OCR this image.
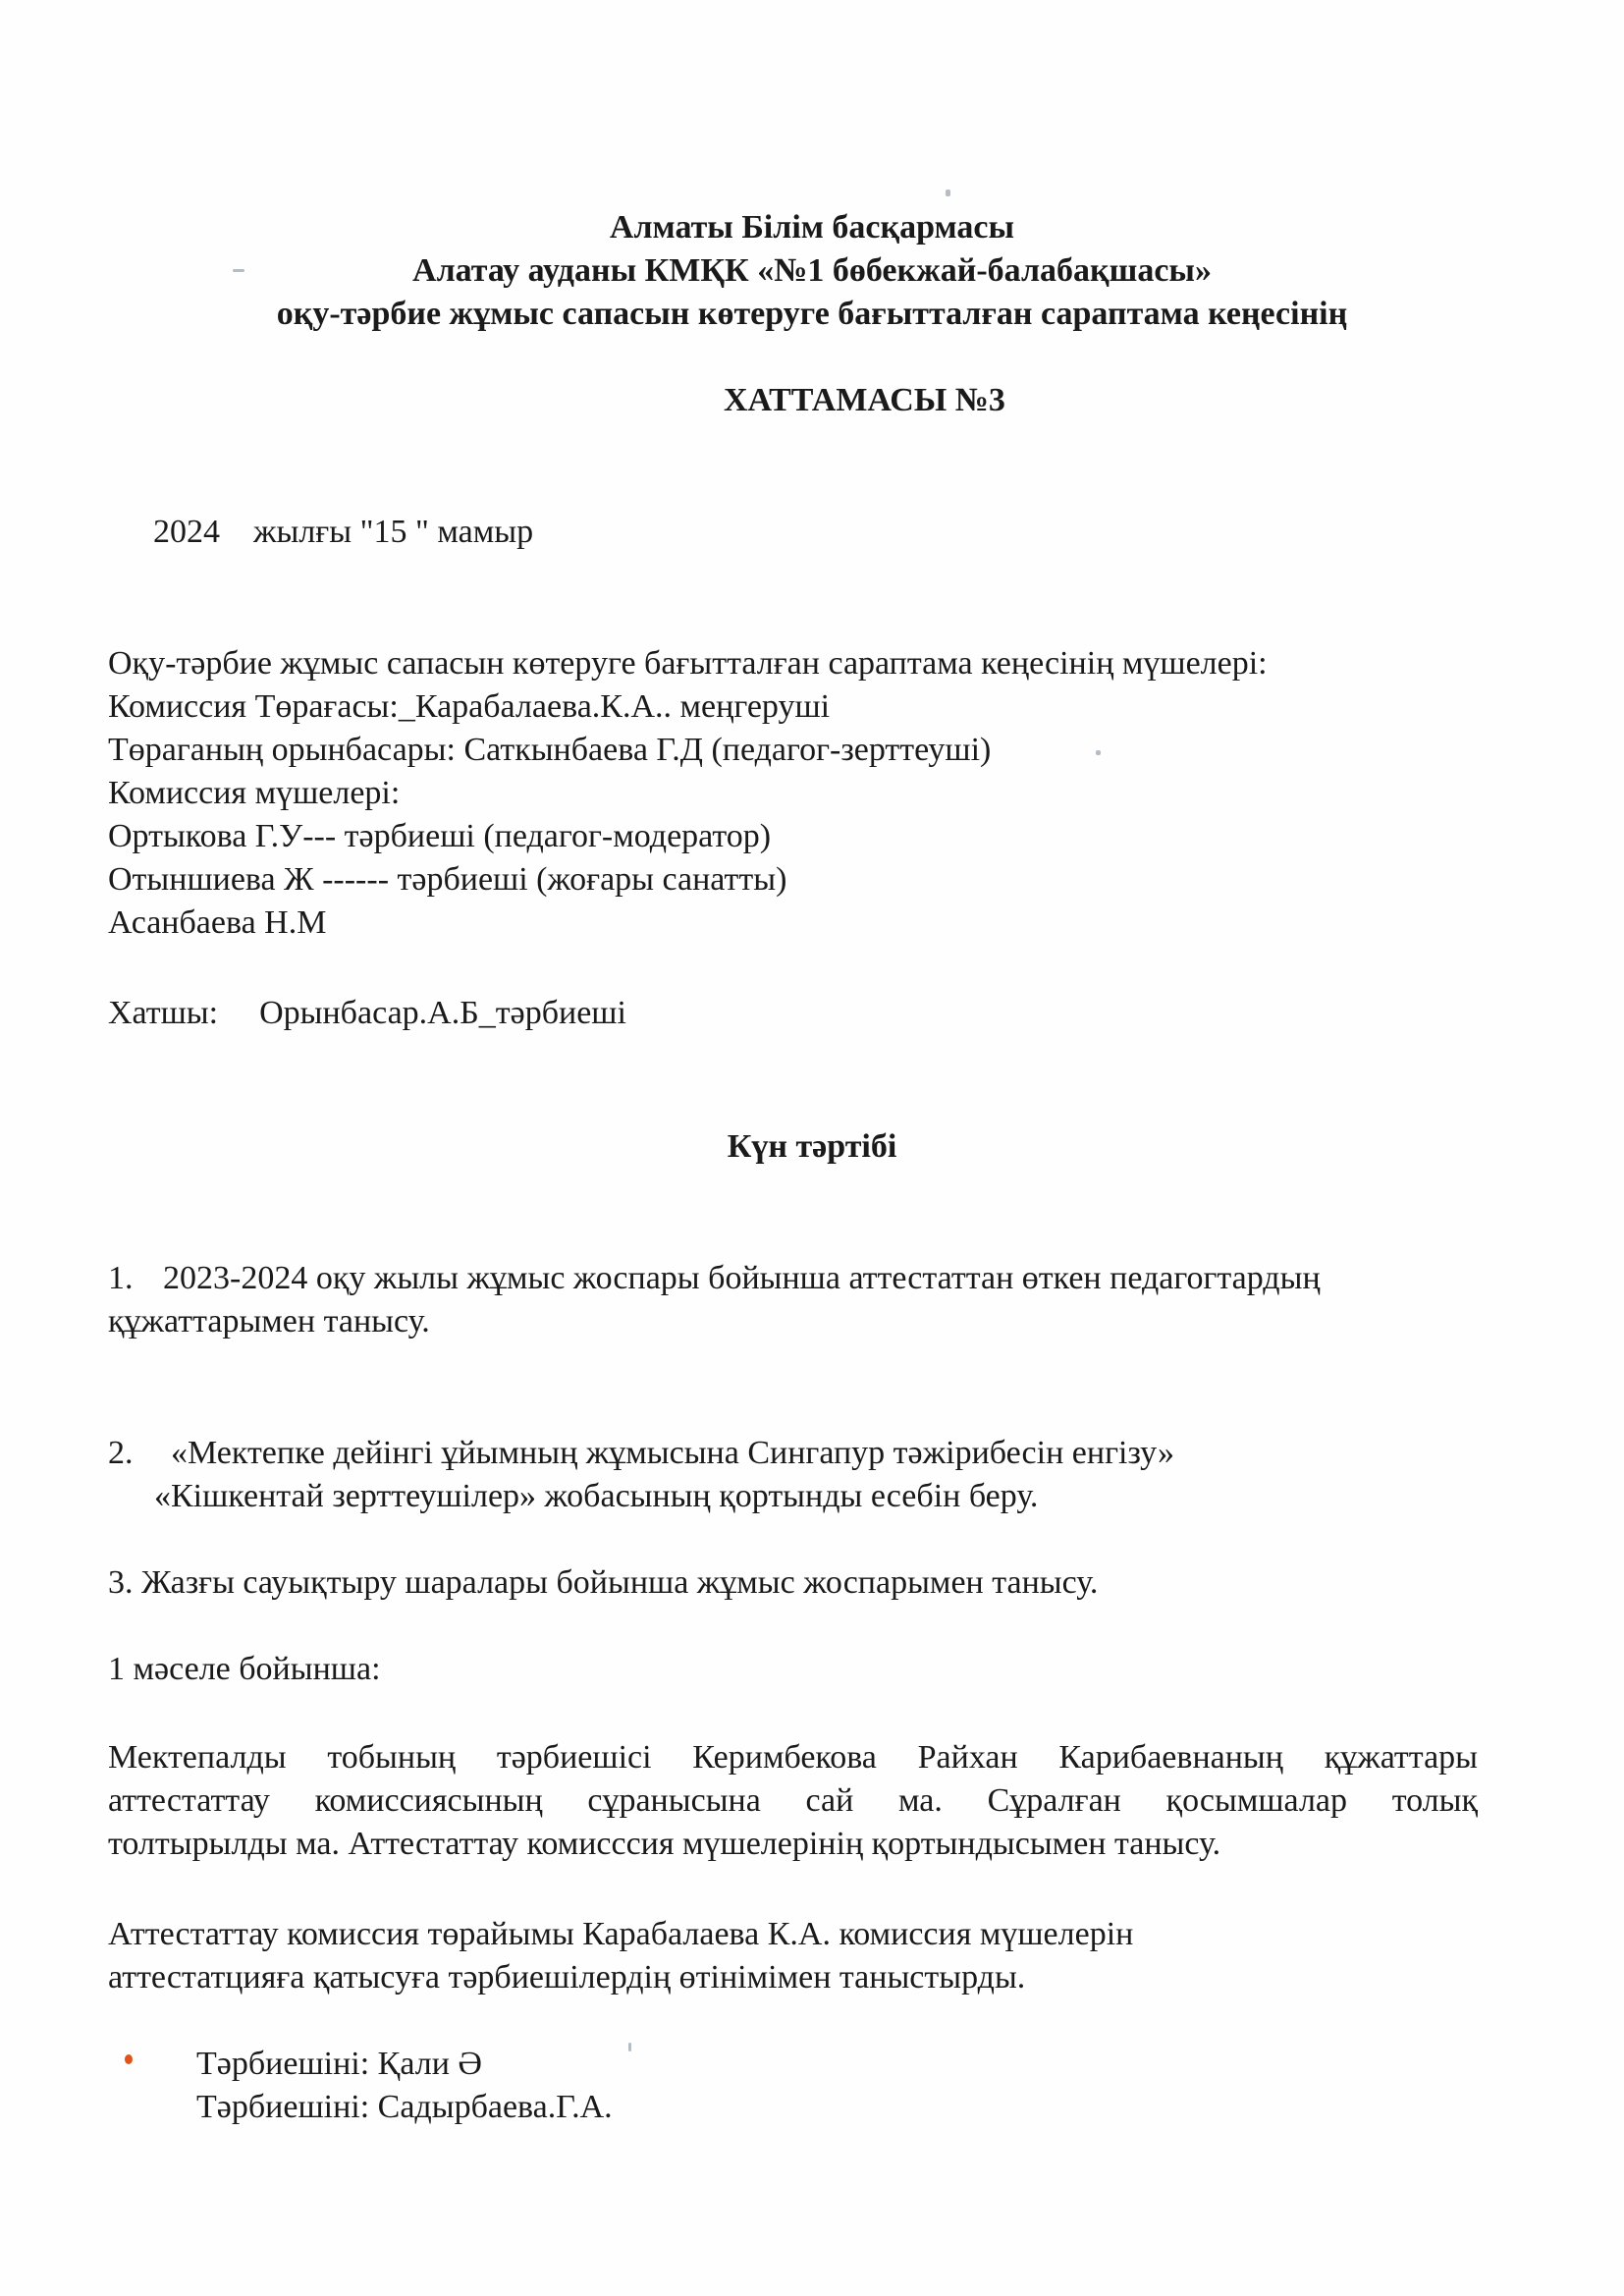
Алматы Білім басқармасы
Алатау ауданы КМҚК «№1 бөбекжай-балабақшасы»
оқу-тәрбие жұмыс сапасын көтеруге бағытталған сараптама кеңесінің
ХАТТАМАСЫ №3
2024 жылғы "15 " мамыр
Оқу-тәрбие жұмыс сапасын көтеруге бағытталған сараптама кеңесінің мүшелері:
Комиссия Төрағасы:_Карабалаева.К.А.. меңгеруші
Төраганың орынбасары: Саткынбаева Г.Д (педагог-зерттеуші)
Комиссия мүшелері:
Ортыкова Г.У--- тәрбиеші (педагог-модератор)
Отыншиева Ж ------ тәрбиеші (жоғары санатты)
Асанбаева Н.М
Хатшы: Орынбасар.А.Б_тәрбиеші
Күн тәртібі
1. 2023-2024 оқу жылы жұмыс жоспары бойынша аттестаттан өткен педагогтардың
құжаттарымен танысу.
2. «Мектепке дейінгі ұйымның жұмысына Сингапур тәжірибесін енгізу»
«Кішкентай зерттеушілер» жобасының қортынды есебін беру.
3. Жазғы сауықтыру шаралары бойынша жұмыс жоспарымен танысу.
1 мәселе бойынша:
Мектепалды тобының тәрбиешісі Керимбекова Райхан Карибаевнаның құжаттары
аттестаттау комиссиясының сұранысына сай ма. Сұралған қосымшалар толық
толтырылды ма. Аттестаттау комисссия мүшелерінің қортындысымен танысу.
Аттестаттау комиссия төрайымы Карабалаева К.А. комиссия мүшелерін
аттестатцияға қатысуға тәрбиешілердің өтінімімен таныстырды.
Тәрбиешіні: Қали Ә
Тәрбиешіні: Садырбаева.Г.А.
